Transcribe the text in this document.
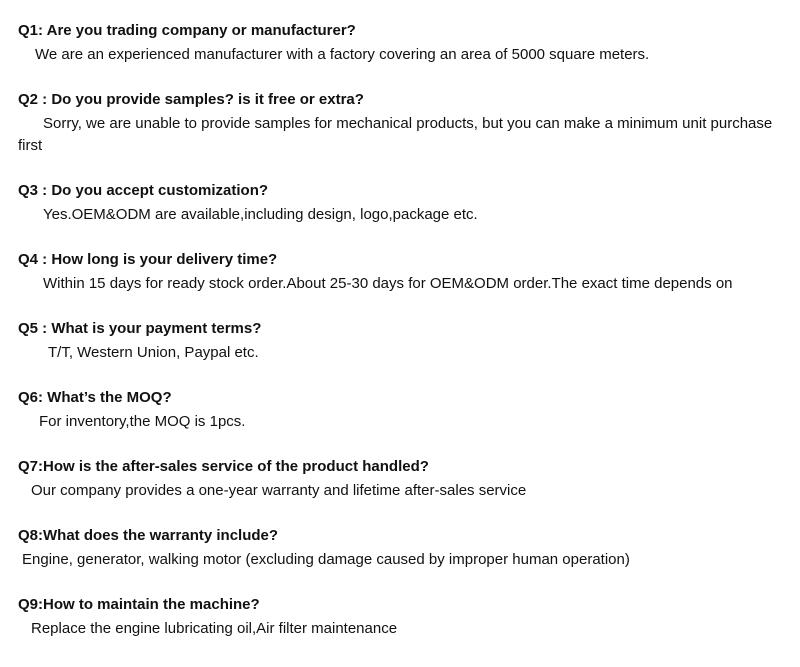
Q1: Are you trading company or manufacturer?
We are an experienced manufacturer with a factory covering an area of 5000 square meters.
Q2 : Do you provide samples? is it free or extra?
Sorry, we are unable to provide samples for mechanical products, but you can make a minimum unit purchase first
Q3 : Do you accept customization?
Yes.OEM&ODM are available,including design, logo,package etc.
Q4 : How long is your delivery time?
Within 15 days for ready stock order.About 25-30 days for OEM&ODM order.The exact time depends on
Q5 : What is your payment terms?
T/T, Western Union, Paypal etc.
Q6: What’s the MOQ?
For inventory,the MOQ is 1pcs.
Q7:How is the after-sales service of the product handled?
Our company provides a one-year warranty and lifetime after-sales service
Q8:What does the warranty include?
Engine, generator, walking motor (excluding damage caused by improper human operation)
Q9:How to maintain the machine?
Replace the engine lubricating oil,Air filter maintenance
